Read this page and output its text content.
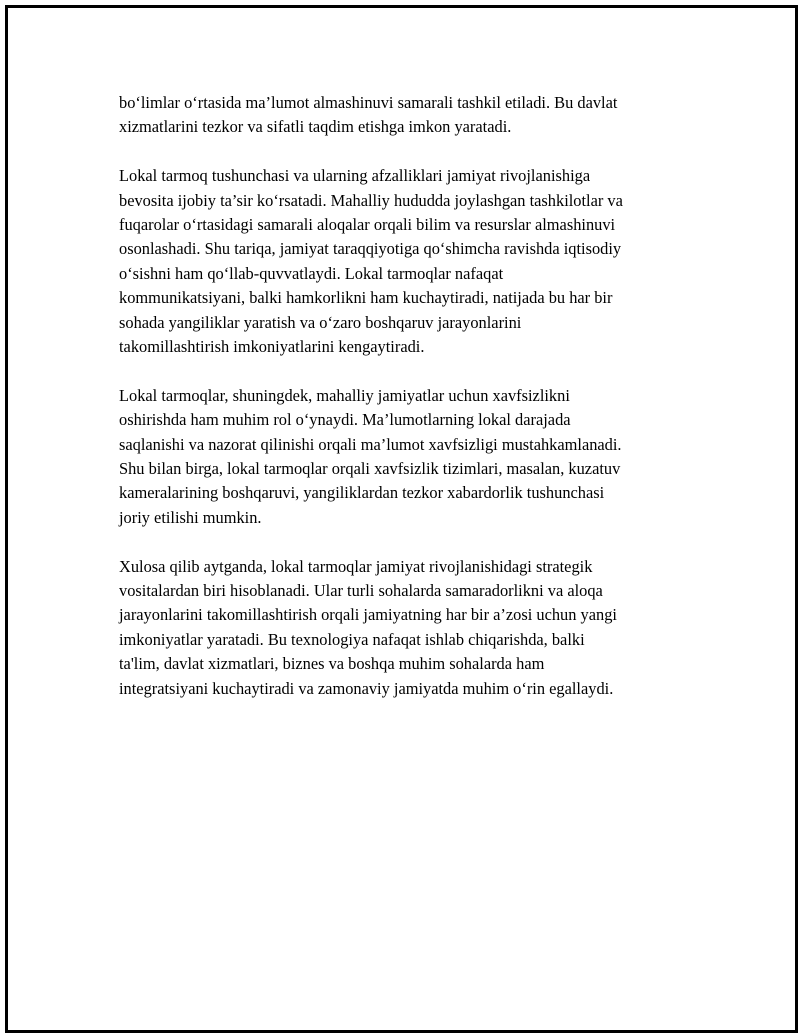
bo‘limlar o‘rtasida ma’lumot almashinuvi samarali tashkil etiladi. Bu davlat
xizmatlarini tezkor va sifatli taqdim etishga imkon yaratadi.

Lokal tarmoq tushunchasi va ularning afzalliklari jamiyat rivojlanishiga
bevosita ijobiy ta’sir ko‘rsatadi. Mahalliy hududda joylashgan tashkilotlar va
fuqarolar o‘rtasidagi samarali aloqalar orqali bilim va resurslar almashinuvi
osonlashadi. Shu tariqa, jamiyat taraqqiyotiga qo‘shimcha ravishda iqtisodiy
o‘sishni ham qo‘llab-quvvatlaydi. Lokal tarmoqlar nafaqat
kommunikatsiyani, balki hamkorlikni ham kuchaytiradi, natijada bu har bir
sohada yangiliklar yaratish va o‘zaro boshqaruv jarayonlarini
takomillashtirish imkoniyatlarini kengaytiradi.

Lokal tarmoqlar, shuningdek, mahalliy jamiyatlar uchun xavfsizlikni
oshirishda ham muhim rol o‘ynaydi. Ma’lumotlarning lokal darajada
saqlanishi va nazorat qilinishi orqali ma’lumot xavfsizligi mustahkamlanadi.
Shu bilan birga, lokal tarmoqlar orqali xavfsizlik tizimlari, masalan, kuzatuv
kameralarining boshqaruvi, yangiliklardan tezkor xabardorlik tushunchasi
joriy etilishi mumkin.

Xulosa qilib aytganda, lokal tarmoqlar jamiyat rivojlanishidagi strategik
vositalardan biri hisoblanadi. Ular turli sohalarda samaradorlikni va aloqa
jarayonlarini takomillashtirish orqali jamiyatning har bir a’zosi uchun yangi
imkoniyatlar yaratadi. Bu texnologiya nafaqat ishlab chiqarishda, balki
ta'lim, davlat xizmatlari, biznes va boshqa muhim sohalarda ham
integratsiyani kuchaytiradi va zamonaviy jamiyatda muhim o‘rin egallaydi.
